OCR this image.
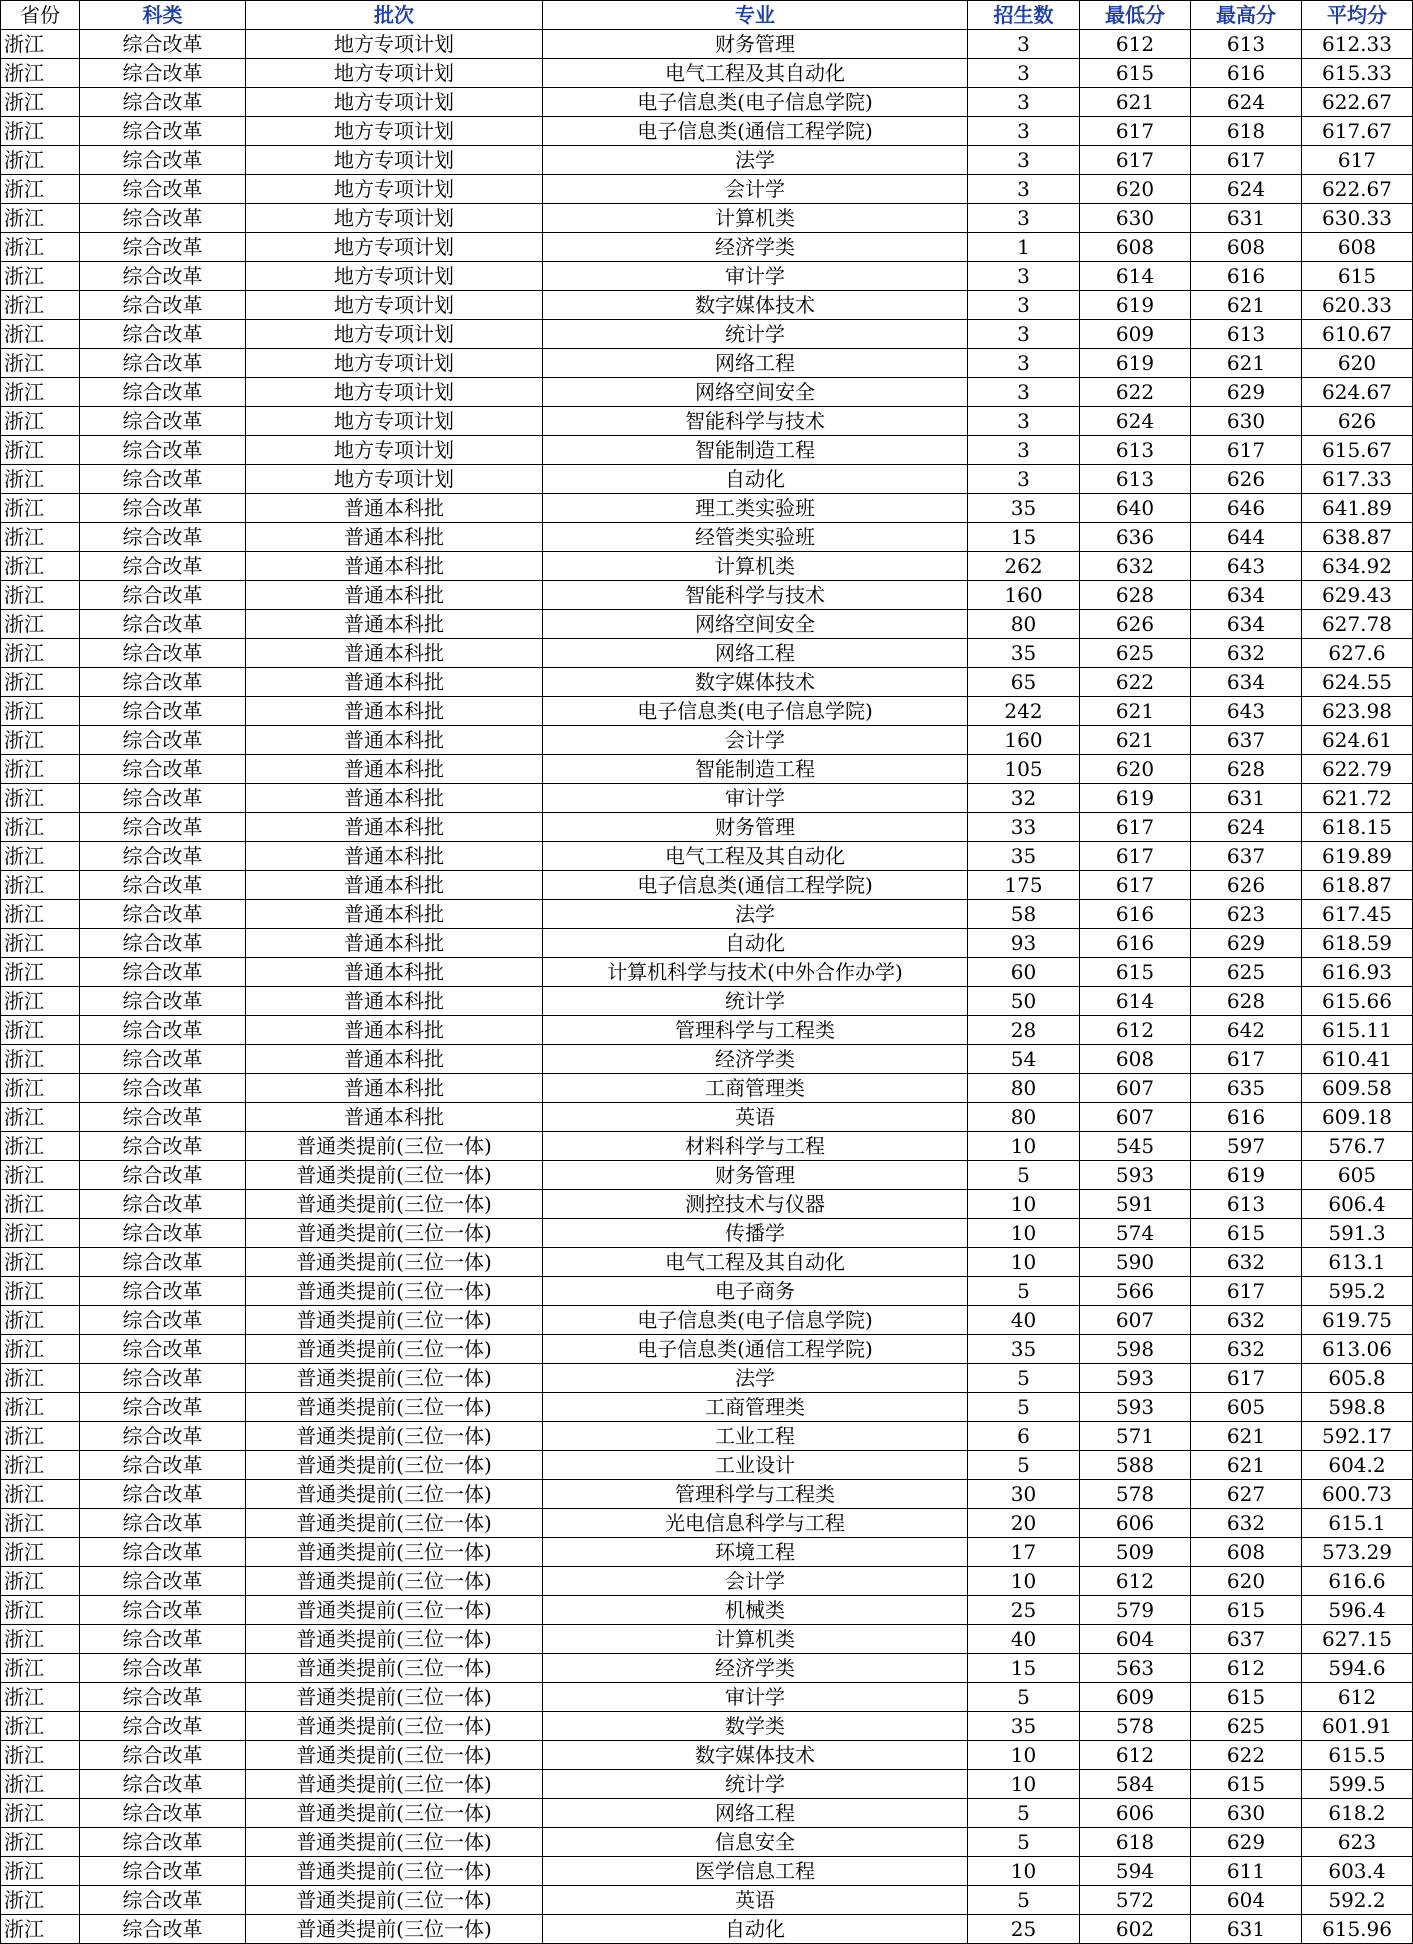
省份	科类	批次	专业	招生数	最低分	最高分	平均分
浙江	综合改革	地方专项计划	财务管理	3	612	613	612.33
浙江	综合改革	地方专项计划	电气工程及其自动化	3	615	616	615.33
浙江	综合改革	地方专项计划	电子信息类(电子信息学院)	3	621	624	622.67
浙江	综合改革	地方专项计划	电子信息类(通信工程学院)	3	617	618	617.67
浙江	综合改革	地方专项计划	法学	3	617	617	617
浙江	综合改革	地方专项计划	会计学	3	620	624	622.67
浙江	综合改革	地方专项计划	计算机类	3	630	631	630.33
浙江	综合改革	地方专项计划	经济学类	1	608	608	608
浙江	综合改革	地方专项计划	审计学	3	614	616	615
浙江	综合改革	地方专项计划	数字媒体技术	3	619	621	620.33
浙江	综合改革	地方专项计划	统计学	3	609	613	610.67
浙江	综合改革	地方专项计划	网络工程	3	619	621	620
浙江	综合改革	地方专项计划	网络空间安全	3	622	629	624.67
浙江	综合改革	地方专项计划	智能科学与技术	3	624	630	626
浙江	综合改革	地方专项计划	智能制造工程	3	613	617	615.67
浙江	综合改革	地方专项计划	自动化	3	613	626	617.33
浙江	综合改革	普通本科批	理工类实验班	35	640	646	641.89
浙江	综合改革	普通本科批	经管类实验班	15	636	644	638.87
浙江	综合改革	普通本科批	计算机类	262	632	643	634.92
浙江	综合改革	普通本科批	智能科学与技术	160	628	634	629.43
浙江	综合改革	普通本科批	网络空间安全	80	626	634	627.78
浙江	综合改革	普通本科批	网络工程	35	625	632	627.6
浙江	综合改革	普通本科批	数字媒体技术	65	622	634	624.55
浙江	综合改革	普通本科批	电子信息类(电子信息学院)	242	621	643	623.98
浙江	综合改革	普通本科批	会计学	160	621	637	624.61
浙江	综合改革	普通本科批	智能制造工程	105	620	628	622.79
浙江	综合改革	普通本科批	审计学	32	619	631	621.72
浙江	综合改革	普通本科批	财务管理	33	617	624	618.15
浙江	综合改革	普通本科批	电气工程及其自动化	35	617	637	619.89
浙江	综合改革	普通本科批	电子信息类(通信工程学院)	175	617	626	618.87
浙江	综合改革	普通本科批	法学	58	616	623	617.45
浙江	综合改革	普通本科批	自动化	93	616	629	618.59
浙江	综合改革	普通本科批	计算机科学与技术(中外合作办学)	60	615	625	616.93
浙江	综合改革	普通本科批	统计学	50	614	628	615.66
浙江	综合改革	普通本科批	管理科学与工程类	28	612	642	615.11
浙江	综合改革	普通本科批	经济学类	54	608	617	610.41
浙江	综合改革	普通本科批	工商管理类	80	607	635	609.58
浙江	综合改革	普通本科批	英语	80	607	616	609.18
浙江	综合改革	普通类提前(三位一体)	材料科学与工程	10	545	597	576.7
浙江	综合改革	普通类提前(三位一体)	财务管理	5	593	619	605
浙江	综合改革	普通类提前(三位一体)	测控技术与仪器	10	591	613	606.4
浙江	综合改革	普通类提前(三位一体)	传播学	10	574	615	591.3
浙江	综合改革	普通类提前(三位一体)	电气工程及其自动化	10	590	632	613.1
浙江	综合改革	普通类提前(三位一体)	电子商务	5	566	617	595.2
浙江	综合改革	普通类提前(三位一体)	电子信息类(电子信息学院)	40	607	632	619.75
浙江	综合改革	普通类提前(三位一体)	电子信息类(通信工程学院)	35	598	632	613.06
浙江	综合改革	普通类提前(三位一体)	法学	5	593	617	605.8
浙江	综合改革	普通类提前(三位一体)	工商管理类	5	593	605	598.8
浙江	综合改革	普通类提前(三位一体)	工业工程	6	571	621	592.17
浙江	综合改革	普通类提前(三位一体)	工业设计	5	588	621	604.2
浙江	综合改革	普通类提前(三位一体)	管理科学与工程类	30	578	627	600.73
浙江	综合改革	普通类提前(三位一体)	光电信息科学与工程	20	606	632	615.1
浙江	综合改革	普通类提前(三位一体)	环境工程	17	509	608	573.29
浙江	综合改革	普通类提前(三位一体)	会计学	10	612	620	616.6
浙江	综合改革	普通类提前(三位一体)	机械类	25	579	615	596.4
浙江	综合改革	普通类提前(三位一体)	计算机类	40	604	637	627.15
浙江	综合改革	普通类提前(三位一体)	经济学类	15	563	612	594.6
浙江	综合改革	普通类提前(三位一体)	审计学	5	609	615	612
浙江	综合改革	普通类提前(三位一体)	数学类	35	578	625	601.91
浙江	综合改革	普通类提前(三位一体)	数字媒体技术	10	612	622	615.5
浙江	综合改革	普通类提前(三位一体)	统计学	10	584	615	599.5
浙江	综合改革	普通类提前(三位一体)	网络工程	5	606	630	618.2
浙江	综合改革	普通类提前(三位一体)	信息安全	5	618	629	623
浙江	综合改革	普通类提前(三位一体)	医学信息工程	10	594	611	603.4
浙江	综合改革	普通类提前(三位一体)	英语	5	572	604	592.2
浙江	综合改革	普通类提前(三位一体)	自动化	25	602	631	615.96
